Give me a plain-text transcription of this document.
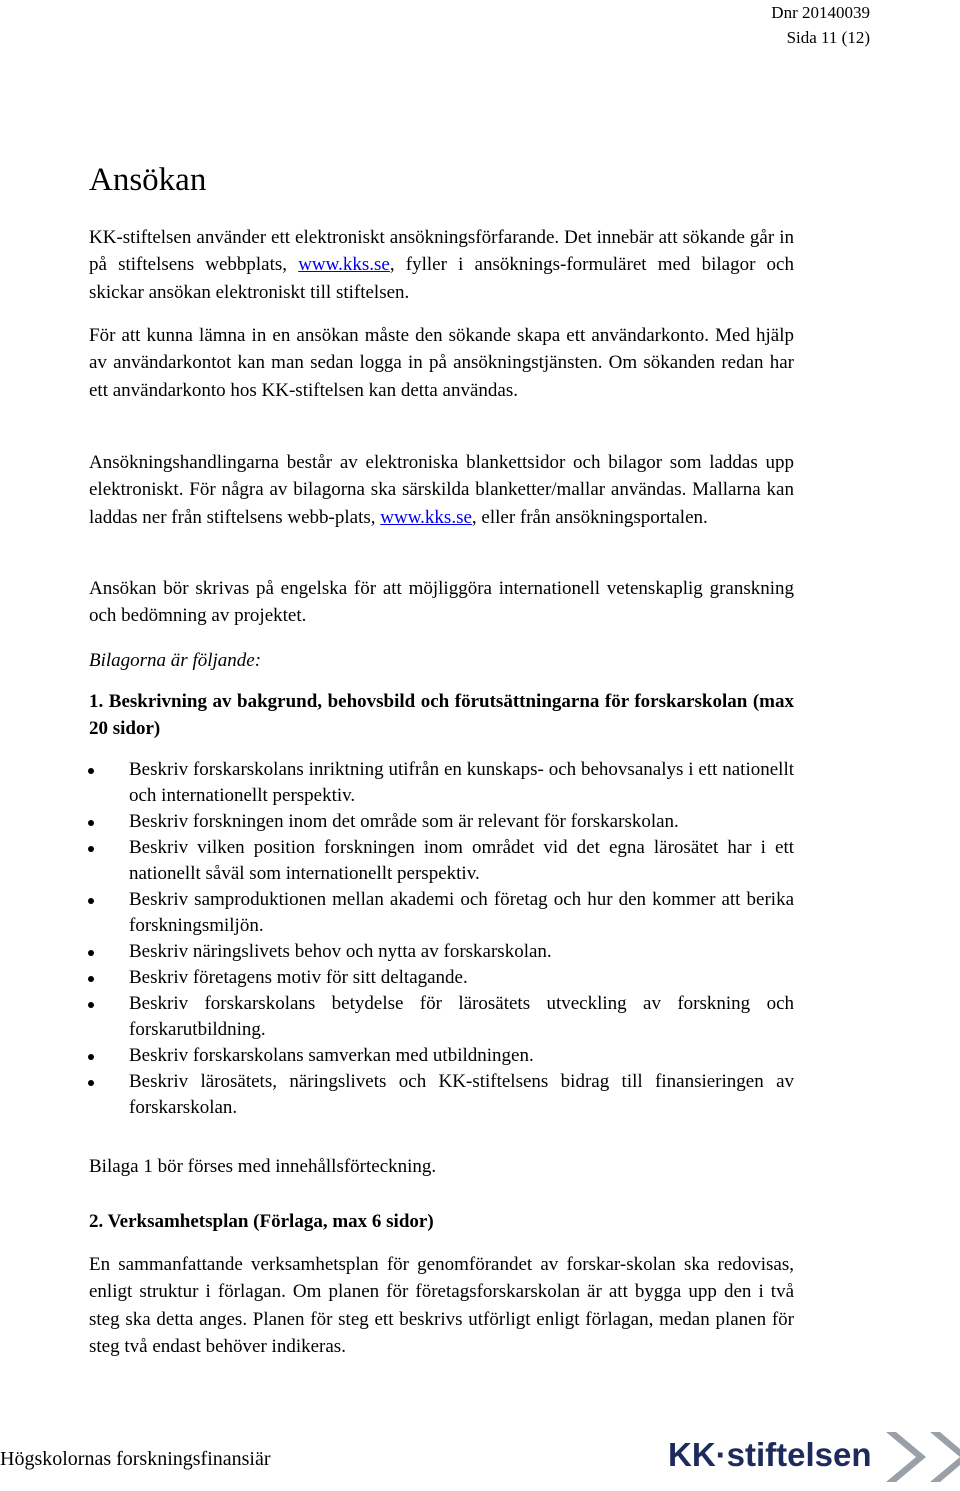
Dnr 20140039
Sida 11 (12)
Ansökan

KK-stiftelsen använder ett elektroniskt ansökningsförfarande. Det innebär att sökande går in på stiftelsens webbplats, www.kks.se, fyller i ansöknings-formuläret med bilagor och skickar ansökan elektroniskt till stiftelsen.

För att kunna lämna in en ansökan måste den sökande skapa ett användarkonto. Med hjälp av användarkontot kan man sedan logga in på ansökningstjänsten. Om sökanden redan har ett användarkonto hos KK-stiftelsen kan detta användas.

Ansökningshandlingarna består av elektroniska blankettsidor och bilagor som laddas upp elektroniskt. För några av bilagorna ska särskilda blanketter/mallar användas. Mallarna kan laddas ner från stiftelsens webb-plats, www.kks.se, eller från ansökningsportalen.

Ansökan bör skrivas på engelska för att möjliggöra internationell vetenskaplig granskning och bedömning av projektet.

Bilagorna är följande:

1. Beskrivning av bakgrund, behovsbild och förutsättningarna för forskarskolan (max 20 sidor)

Beskriv forskarskolans inriktning utifrån en kunskaps- och behovsanalys i ett nationellt och internationellt perspektiv.
Beskriv forskningen inom det område som är relevant för forskarskolan.
Beskriv vilken position forskningen inom området vid det egna lärosätet har i ett nationellt såväl som internationellt perspektiv.
Beskriv samproduktionen mellan akademi och företag och hur den kommer att berika forskningsmiljön.
Beskriv näringslivets behov och nytta av forskarskolan.
Beskriv företagens motiv för sitt deltagande.
Beskriv forskarskolans betydelse för lärosätets utveckling av forskning och forskarutbildning.
Beskriv forskarskolans samverkan med utbildningen.
Beskriv lärosätets, näringslivets och KK-stiftelsens bidrag till finansieringen av forskarskolan.

Bilaga 1 bör förses med innehållsförteckning.

2. Verksamhetsplan (Förlaga, max 6 sidor)

En sammanfattande verksamhetsplan för genomförandet av forskar-skolan ska redovisas, enligt struktur i förlagan. Om planen för företagsforskarskolan är att bygga upp den i två steg ska detta anges. Planen för steg ett beskrivs utförligt enligt förlagan, medan planen för steg två endast behöver indikeras.

Högskolornas forskningsfinansiär	KK·stiftelsen
